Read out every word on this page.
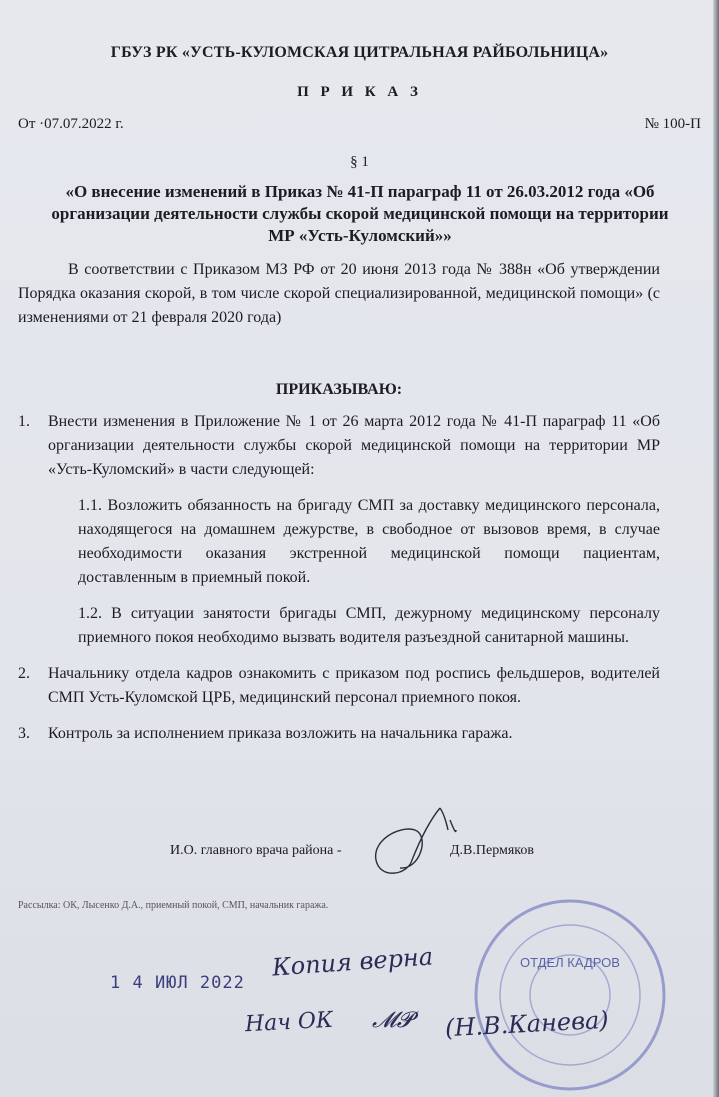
ГБУЗ РК «УСТЬ-КУЛОМСКАЯ ЦИТРАЛЬНАЯ РАЙБОЛЬНИЦА»
П Р И К А З
От ·07.07.2022 г.	№ 100-П
§ 1
«О внесение изменений в Приказ № 41-П параграф 11 от 26.03.2012 года «Об организации деятельности службы скорой медицинской помощи на территории МР «Усть-Куломский»»

В соответствии с Приказом МЗ РФ от 20 июня 2013 года № 388н «Об утверждении Порядка оказания скорой, в том числе скорой специализированной, медицинской помощи» (с изменениями от 21 февраля 2020 года)

ПРИКАЗЫВАЮ:
1. Внести изменения в Приложение № 1 от 26 марта 2012 года № 41-П параграф 11 «Об организации деятельности службы скорой медицинской помощи на территории МР «Усть-Куломский» в части следующей:
1.1. Возложить обязанность на бригаду СМП за доставку медицинского персонала, находящегося на домашнем дежурстве, в свободное от вызовов время, в случае необходимости оказания экстренной медицинской помощи пациентам, доставленным в приемный покой.
1.2. В ситуации занятости бригады СМП, дежурному медицинскому персоналу приемного покоя необходимо вызвать водителя разъездной санитарной машины.
2. Начальнику отдела кадров ознакомить с приказом под роспись фельдшеров, водителей СМП Усть-Куломской ЦРБ, медицинский персонал приемного покоя.
3. Контроль за исполнением приказа возложить на начальника гаража.
И.О. главного врача района -	Д.В.Пермяков
Рассылка: ОК, Лысенко Д.А., приемный покой, СМП, начальник гаража.
ОТДЕЛ КАДРОВ
1 4 ИЮЛ 2022
Копия верна
Нач ОК 𝓜𝓟 (Н.В.Канева)
